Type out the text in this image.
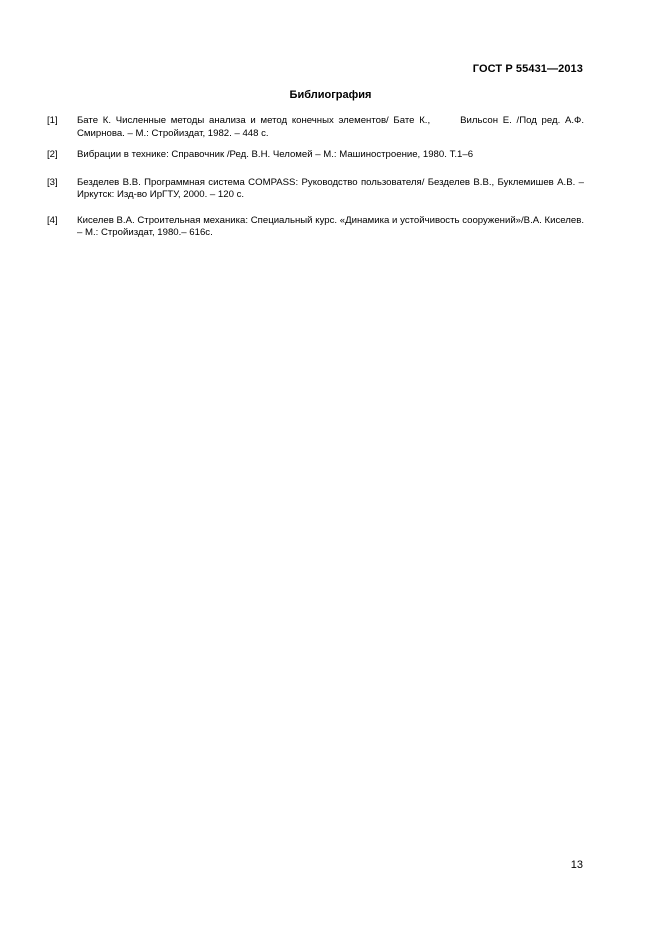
ГОСТ Р 55431—2013
Библиография
[1]	Бате К. Численные методы анализа и метод конечных элементов/ Бате К.,	Вильсон Е. /Под ред. А.Ф. Смирнова. – М.: Стройиздат, 1982. – 448 с.
[2]	Вибрации в технике: Справочник /Ред. В.Н. Челомей – М.: Машиностроение, 1980. Т.1–6
[3]	Безделев В.В. Программная система COMPASS: Руководство пользователя/ Безделев В.В., Буклемишев А.В. – Иркутск: Изд-во ИрГТУ, 2000. – 120 с.
[4]	Киселев В.А. Строительная механика: Специальный курс. «Динамика и устойчивость сооружений»/В.А. Киселев. – М.: Стройиздат, 1980.– 616с.
13
